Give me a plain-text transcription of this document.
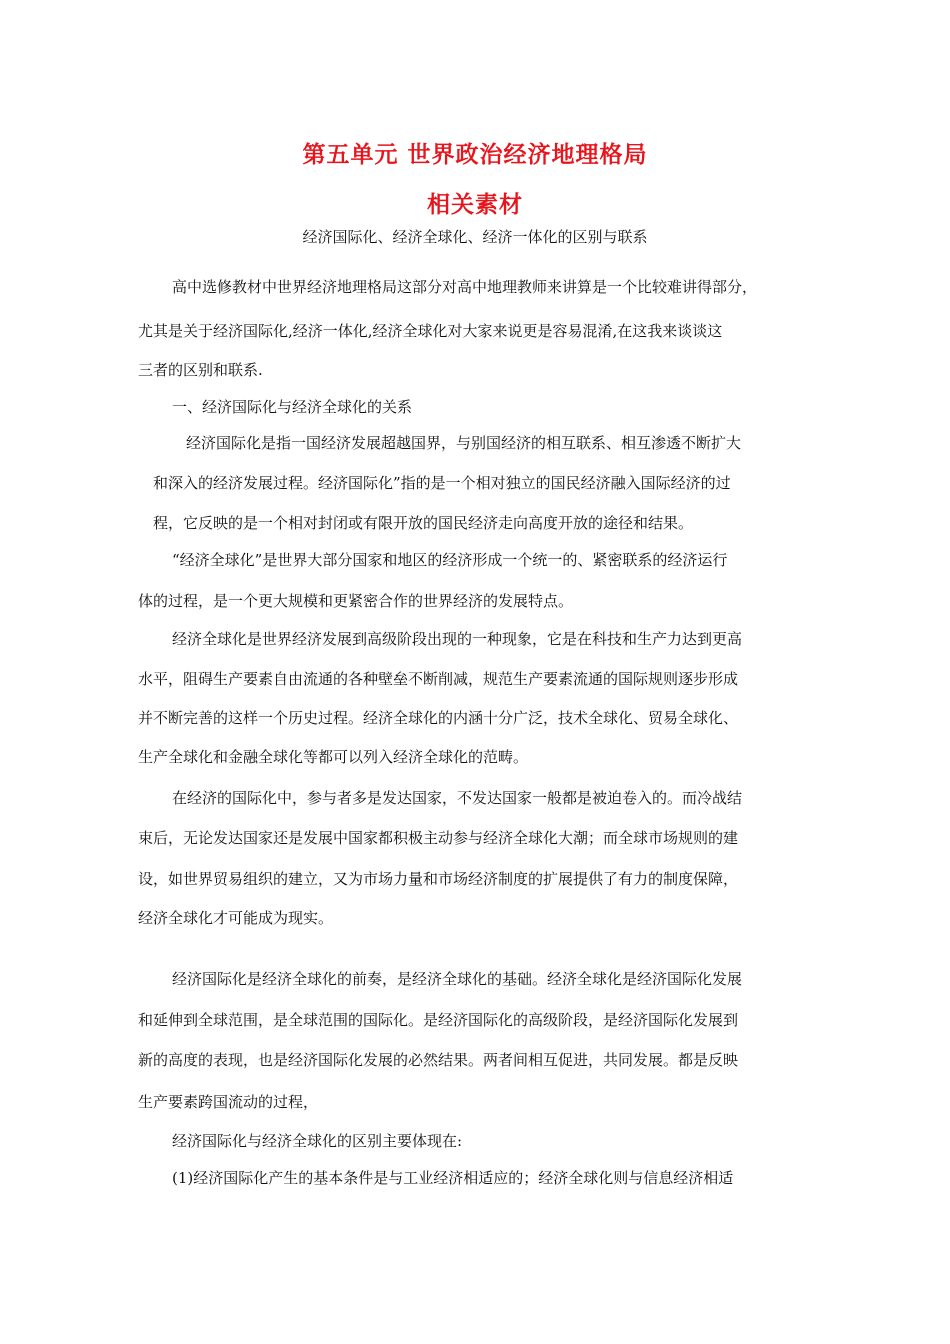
第五单元 世界政治经济地理格局
相关素材
经济国际化、经济全球化、经济一体化的区别与联系
高中选修教材中世界经济地理格局这部分对高中地理教师来讲算是一个比较难讲得部分，
尤其是关于经济国际化,经济一体化,经济全球化对大家来说更是容易混淆,在这我来谈谈这
三者的区别和联系.
一、经济国际化与经济全球化的关系
经济国际化是指一国经济发展超越国界，与别国经济的相互联系、相互渗透不断扩大
和深入的经济发展过程。经济国际化”指的是一个相对独立的国民经济融入国际经济的过
程，它反映的是一个相对封闭或有限开放的国民经济走向高度开放的途径和结果。
“经济全球化”是世界大部分国家和地区的经济形成一个统一的、紧密联系的经济运行
体的过程，是一个更大规模和更紧密合作的世界经济的发展特点。
经济全球化是世界经济发展到高级阶段出现的一种现象，它是在科技和生产力达到更高
水平，阻碍生产要素自由流通的各种壁垒不断削减，规范生产要素流通的国际规则逐步形成
并不断完善的这样一个历史过程。经济全球化的内涵十分广泛，技术全球化、贸易全球化、
生产全球化和金融全球化等都可以列入经济全球化的范畴。
在经济的国际化中，参与者多是发达国家，不发达国家一般都是被迫卷入的。而冷战结
束后，无论发达国家还是发展中国家都积极主动参与经济全球化大潮；而全球市场规则的建
设，如世界贸易组织的建立，又为市场力量和市场经济制度的扩展提供了有力的制度保障，
经济全球化才可能成为现实。
经济国际化是经济全球化的前奏，是经济全球化的基础。经济全球化是经济国际化发展
和延伸到全球范围，是全球范围的国际化。是经济国际化的高级阶段，是经济国际化发展到
新的高度的表现，也是经济国际化发展的必然结果。两者间相互促进，共同发展。都是反映
生产要素跨国流动的过程，
经济国际化与经济全球化的区别主要体现在:
(1)经济国际化产生的基本条件是与工业经济相适应的；经济全球化则与信息经济相适
